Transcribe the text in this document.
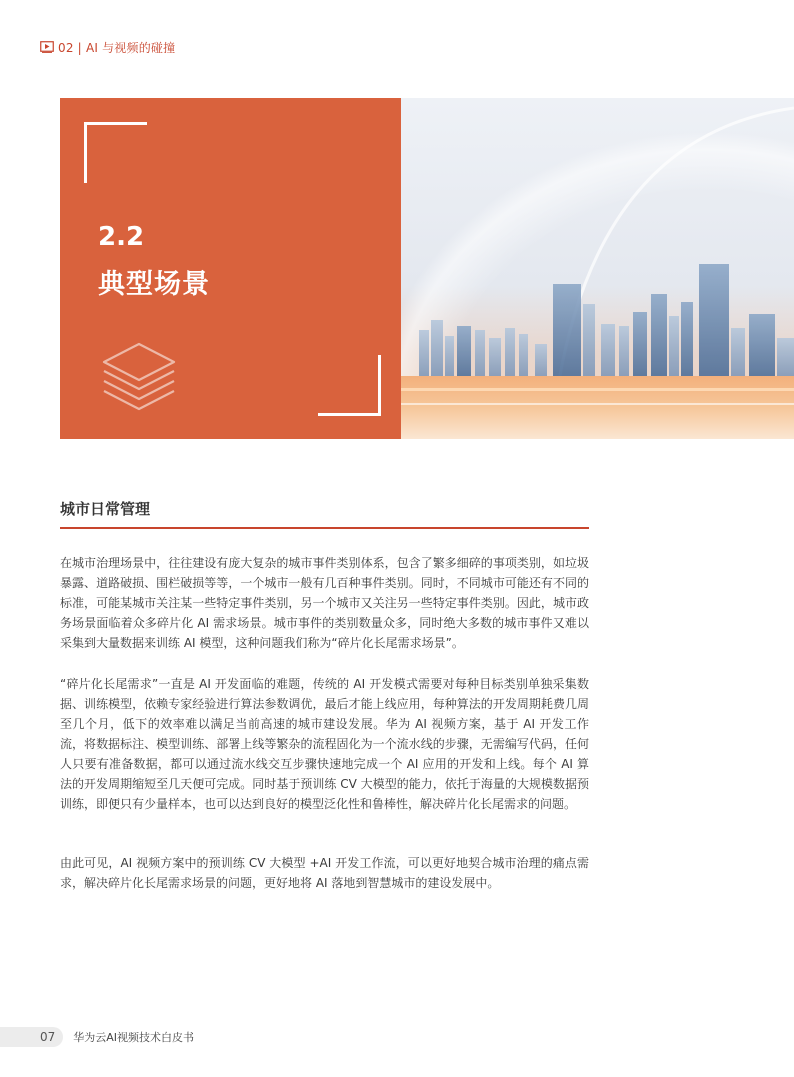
02 | AI 与视频的碰撞
2.2
典型场景
城市日常管理

在城市治理场景中，往往建设有庞大复杂的城市事件类别体系，包含了繁多细碎的事项类别，如垃圾暴露、道路破损、围栏破损等等，一个城市一般有几百种事件类别。同时，不同城市可能还有不同的标准，可能某城市关注某一些特定事件类别，另一个城市又关注另一些特定事件类别。因此，城市政务场景面临着众多碎片化 AI 需求场景。城市事件的类别数量众多，同时绝大多数的城市事件又难以采集到大量数据来训练 AI 模型，这种问题我们称为“碎片化长尾需求场景”。

“碎片化长尾需求”一直是 AI 开发面临的难题，传统的 AI 开发模式需要对每种目标类别单独采集数据、训练模型，依赖专家经验进行算法参数调优，最后才能上线应用，每种算法的开发周期耗费几周至几个月，低下的效率难以满足当前高速的城市建设发展。华为 AI 视频方案，基于 AI 开发工作流，将数据标注、模型训练、部署上线等繁杂的流程固化为一个流水线的步骤，无需编写代码，任何人只要有准备数据，都可以通过流水线交互步骤快速地完成一个 AI 应用的开发和上线。每个 AI 算法的开发周期缩短至几天便可完成。同时基于预训练 CV 大模型的能力，依托于海量的大规模数据预训练，即便只有少量样本，也可以达到良好的模型泛化性和鲁棒性，解决碎片化长尾需求的问题。

由此可见，AI 视频方案中的预训练 CV 大模型 +AI 开发工作流，可以更好地契合城市治理的痛点需求，解决碎片化长尾需求场景的问题，更好地将 AI 落地到智慧城市的建设发展中。

07	华为云AI视频技术白皮书
